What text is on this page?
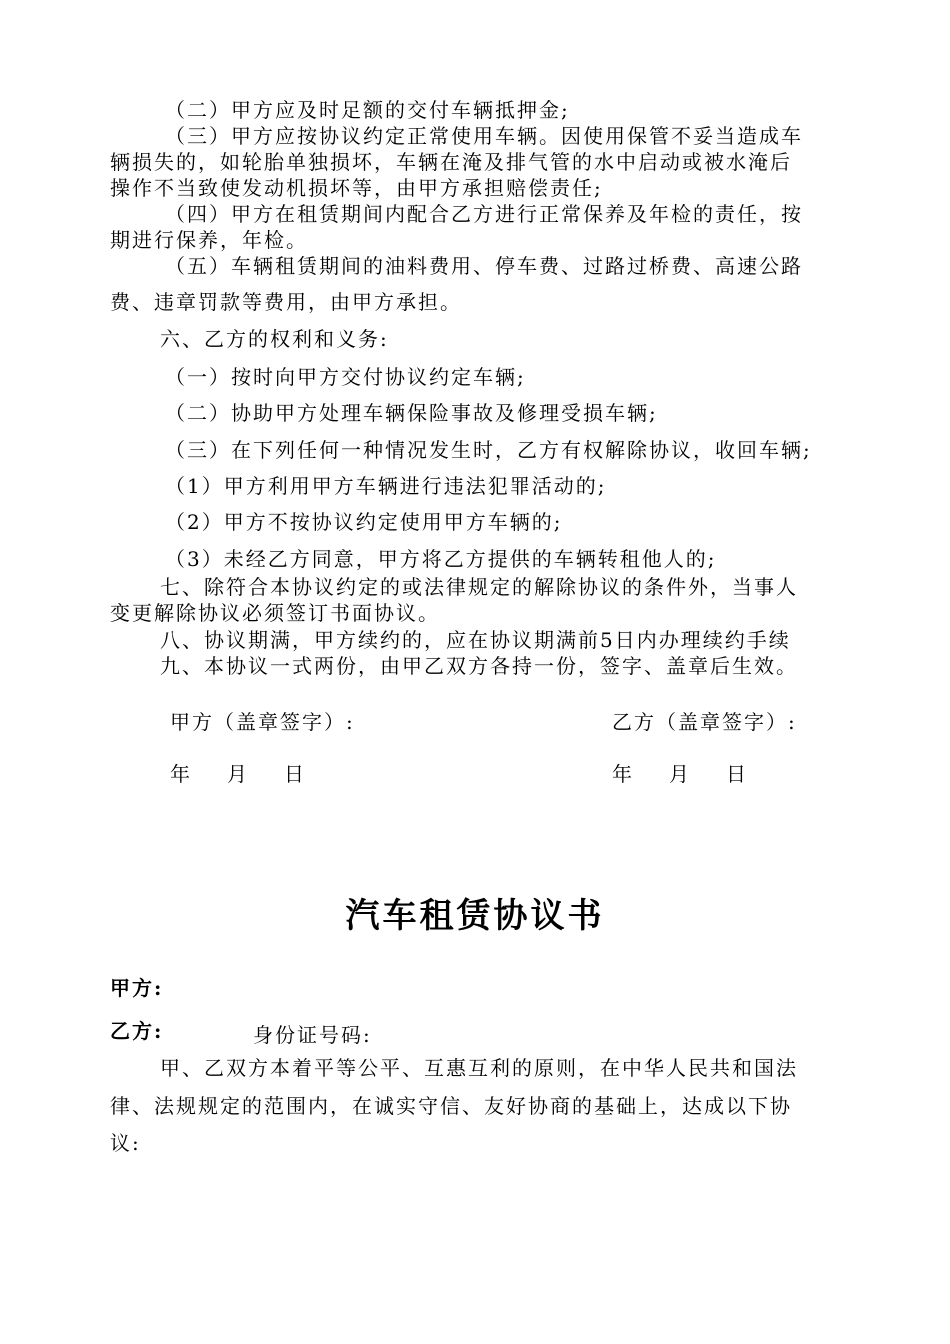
（二）甲方应及时足额的交付车辆抵押金;
（三）甲方应按协议约定正常使用车辆。因使用保管不妥当造成车
辆损失的，如轮胎单独损坏，车辆在淹及排气管的水中启动或被水淹后
操作不当致使发动机损坏等，由甲方承担赔偿责任;
（四）甲方在租赁期间内配合乙方进行正常保养及年检的责任，按
期进行保养，年检。
（五）车辆租赁期间的油料费用、停车费、过路过桥费、高速公路
费、违章罚款等费用，由甲方承担。
六、乙方的权利和义务:
（一）按时向甲方交付协议约定车辆;
（二）协助甲方处理车辆保险事故及修理受损车辆;
（三）在下列任何一种情况发生时，乙方有权解除协议，收回车辆;
（1）甲方利用甲方车辆进行违法犯罪活动的;
（2）甲方不按协议约定使用甲方车辆的;
（3）未经乙方同意，甲方将乙方提供的车辆转租他人的;
七、除符合本协议约定的或法律规定的解除协议的条件外，当事人
变更解除协议必须签订书面协议。
八、协议期满，甲方续约的，应在协议期满前5日内办理续约手续
九、本协议一式两份，由甲乙双方各持一份，签字、盖章后生效。
甲方（盖章签字）:	乙方（盖章签字）:
年 月 日	年 月 日
汽车租赁协议书
甲方:
乙方:	身份证号码:
甲、乙双方本着平等公平、互惠互利的原则，在中华人民共和国法
律、法规规定的范围内，在诚实守信、友好协商的基础上，达成以下协
议:
